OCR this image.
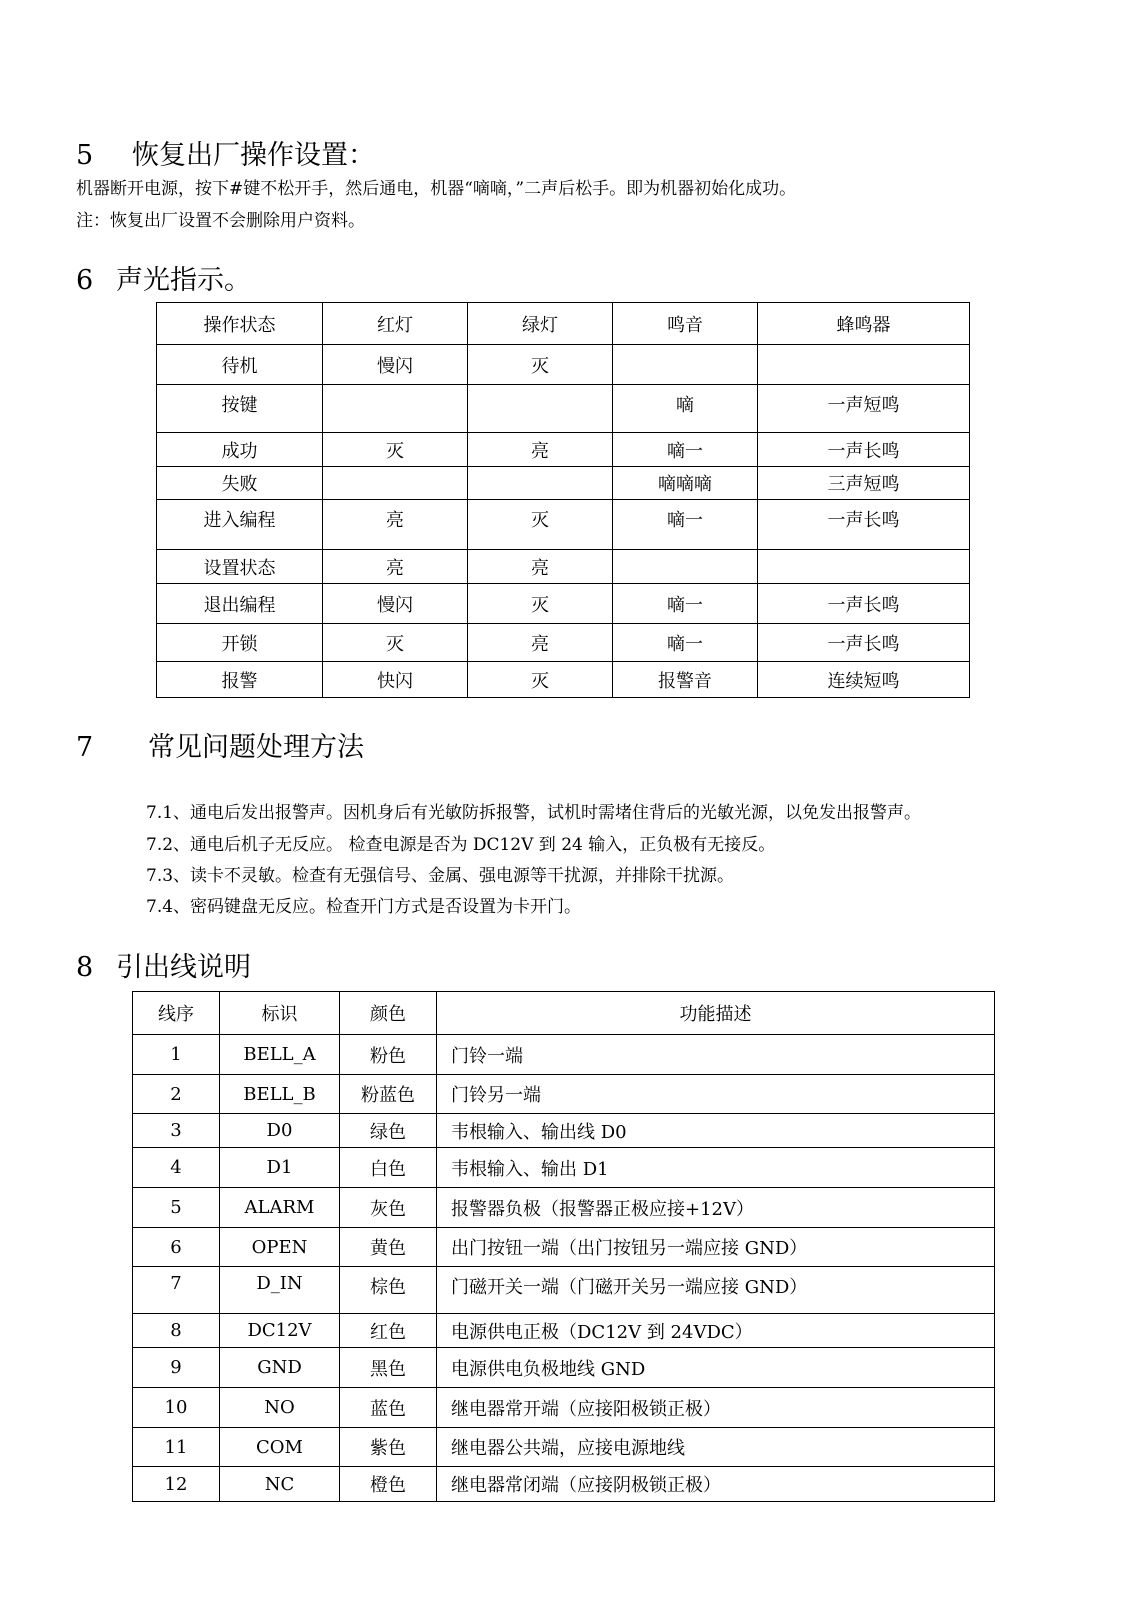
5 恢复出厂操作设置：
机器断开电源，按下#键不松开手，然后通电，机器“嘀嘀，”二声后松手。即为机器初始化成功。
注：恢复出厂设置不会删除用户资料。
6 声光指示。
操作状态	红灯	绿灯	鸣音	蜂鸣器
待机	慢闪	灭		
按键			嘀	一声短鸣
成功	灭	亮	嘀一	一声长鸣
失败			嘀嘀嘀	三声短鸣
进入编程	亮	灭	嘀一	一声长鸣
设置状态	亮	亮		
退出编程	慢闪	灭	嘀一	一声长鸣
开锁	灭	亮	嘀一	一声长鸣
报警	快闪	灭	报警音	连续短鸣
7 常见问题处理方法
7.1、通电后发出报警声。因机身后有光敏防拆报警，试机时需堵住背后的光敏光源，以免发出报警声。
7.2、通电后机子无反应。 检查电源是否为 DC12V 到 24 输入，正负极有无接反。
7.3、读卡不灵敏。检查有无强信号、金属、强电源等干扰源，并排除干扰源。
7.4、密码键盘无反应。检查开门方式是否设置为卡开门。
8 引出线说明
线序	标识	颜色	功能描述
1	BELL_A	粉色	门铃一端
2	BELL_B	粉蓝色	门铃另一端
3	D0	绿色	韦根输入、输出线 D0
4	D1	白色	韦根输入、输出 D1
5	ALARM	灰色	报警器负极（报警器正极应接+12V）
6	OPEN	黄色	出门按钮一端（出门按钮另一端应接 GND）
7	D_IN	棕色	门磁开关一端（门磁开关另一端应接 GND）
8	DC12V	红色	电源供电正极（DC12V 到 24VDC）
9	GND	黑色	电源供电负极地线 GND
10	NO	蓝色	继电器常开端（应接阳极锁正极）
11	COM	紫色	继电器公共端，应接电源地线
12	NC	橙色	继电器常闭端（应接阴极锁正极）
